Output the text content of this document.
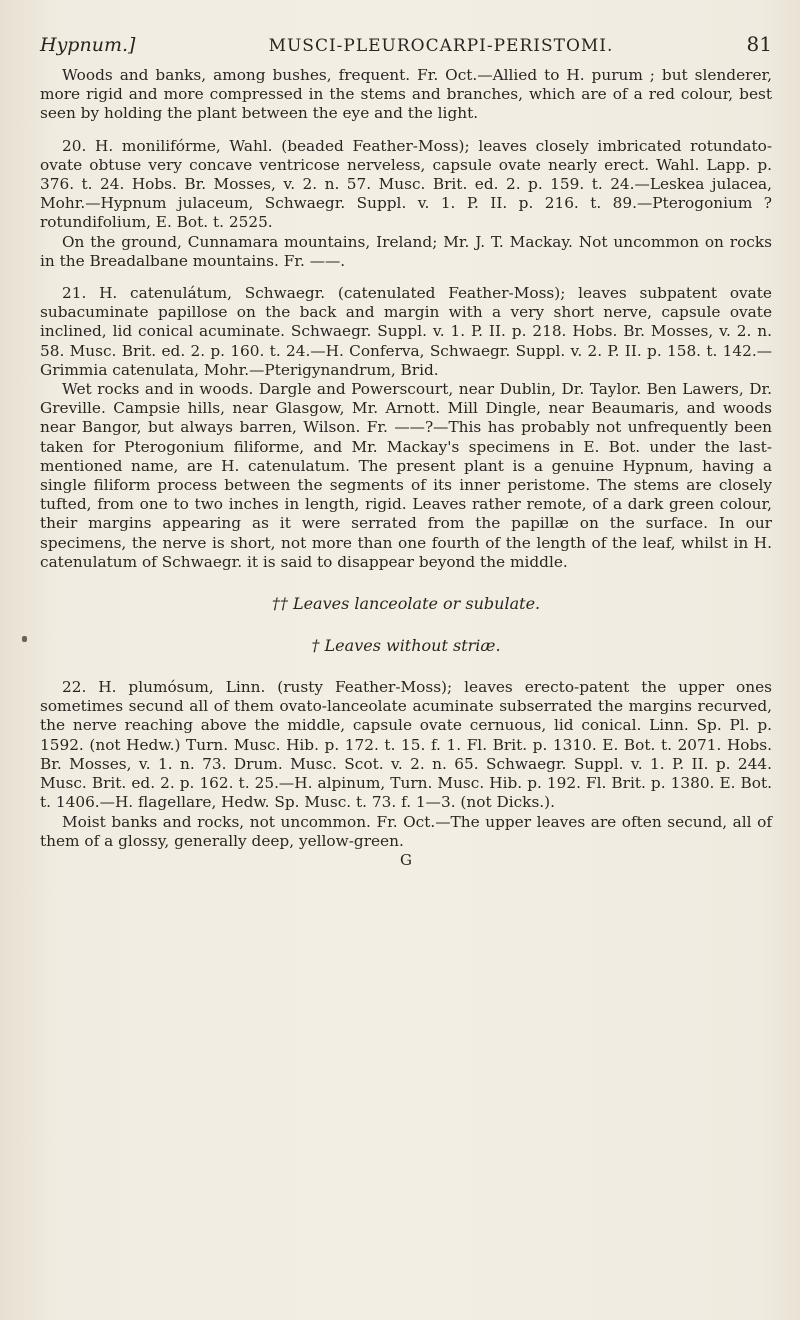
Hypnum.]	MUSCI-PLEUROCARPI-PERISTOMI.	81

Woods and banks, among bushes, frequent. Fr. Oct.—Allied to H. purum ; but slenderer, more rigid and more compressed in the stems and branches, which are of a red colour, best seen by holding the plant between the eye and the light.

20. H. monilifórme, Wahl. (beaded Feather-Moss); leaves closely imbricated rotundato-ovate obtuse very concave ventricose nerveless, capsule ovate nearly erect. Wahl. Lapp. p. 376. t. 24. Hobs. Br. Mosses, v. 2. n. 57. Musc. Brit. ed. 2. p. 159. t. 24.—Leskea julacea, Mohr.—Hypnum julaceum, Schwaegr. Suppl. v. 1. P. II. p. 216. t. 89.—Pterogonium ? rotundifolium, E. Bot. t. 2525.

On the ground, Cunnamara mountains, Ireland; Mr. J. T. Mackay. Not uncommon on rocks in the Breadalbane mountains. Fr. ——.

21. H. catenulátum, Schwaegr. (catenulated Feather-Moss); leaves subpatent ovate subacuminate papillose on the back and margin with a very short nerve, capsule ovate inclined, lid conical acuminate. Schwaegr. Suppl. v. 1. P. II. p. 218. Hobs. Br. Mosses, v. 2. n. 58. Musc. Brit. ed. 2. p. 160. t. 24.—H. Conferva, Schwaegr. Suppl. v. 2. P. II. p. 158. t. 142.—Grimmia catenulata, Mohr.—Pterigynandrum, Brid.

Wet rocks and in woods. Dargle and Powerscourt, near Dublin, Dr. Taylor. Ben Lawers, Dr. Greville. Campsie hills, near Glasgow, Mr. Arnott. Mill Dingle, near Beaumaris, and woods near Bangor, but always barren, Wilson. Fr. ——?—This has probably not unfrequently been taken for Pterogonium filiforme, and Mr. Mackay's specimens in E. Bot. under the last-mentioned name, are H. catenulatum. The present plant is a genuine Hypnum, having a single filiform process between the segments of its inner peristome. The stems are closely tufted, from one to two inches in length, rigid. Leaves rather remote, of a dark green colour, their margins appearing as it were serrated from the papillæ on the surface. In our specimens, the nerve is short, not more than one fourth of the length of the leaf, whilst in H. catenulatum of Schwaegr. it is said to disappear beyond the middle.

†† Leaves lanceolate or subulate.
† Leaves without striæ.

22. H. plumósum, Linn. (rusty Feather-Moss); leaves erecto-patent the upper ones sometimes secund all of them ovato-lanceolate acuminate subserrated the margins recurved, the nerve reaching above the middle, capsule ovate cernuous, lid conical. Linn. Sp. Pl. p. 1592. (not Hedw.) Turn. Musc. Hib. p. 172. t. 15. f. 1. Fl. Brit. p. 1310. E. Bot. t. 2071. Hobs. Br. Mosses, v. 1. n. 73. Drum. Musc. Scot. v. 2. n. 65. Schwaegr. Suppl. v. 1. P. II. p. 244. Musc. Brit. ed. 2. p. 162. t. 25.—H. alpinum, Turn. Musc. Hib. p. 192. Fl. Brit. p. 1380. E. Bot. t. 1406.—H. flagellare, Hedw. Sp. Musc. t. 73. f. 1—3. (not Dicks.).

Moist banks and rocks, not uncommon. Fr. Oct.—The upper leaves are often secund, all of them of a glossy, generally deep, yellow-green.

G
